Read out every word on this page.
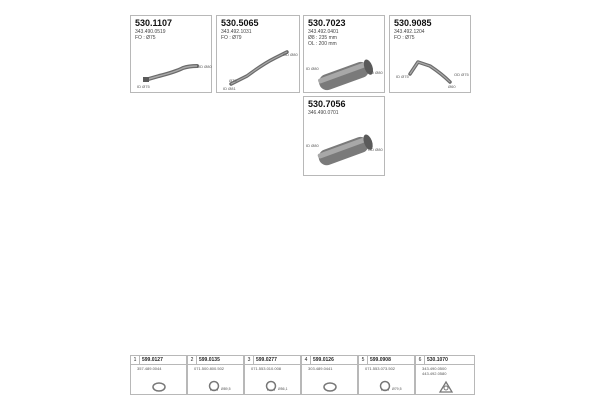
530.1107
343.490.0519
FO : Ø75
OD Ø80
ID Ø75
530.5065
343.492.1031
FO : Ø79
OD Ø80
ID Ø81
Ø79
530.7023
343.492.0401
Ø8 : 235 mm
OL : 200 mm
OD Ø80
ID Ø80
530.9085
343.492.1204
FO : Ø75
OD Ø75
ID Ø75
Ø60
530.7056
346.490.0701
OD Ø80
ID Ø80
1	599.0127
357.489.0044
2	599.0135
071.500.800.502
Ø89,5
3	599.0277
071.553.010.008
Ø56,1
4	599.0126
303.489.0441
5	599.0908
071.553.073.502
Ø79,5
6	530.1070
343.490.0500
443.492.0580
